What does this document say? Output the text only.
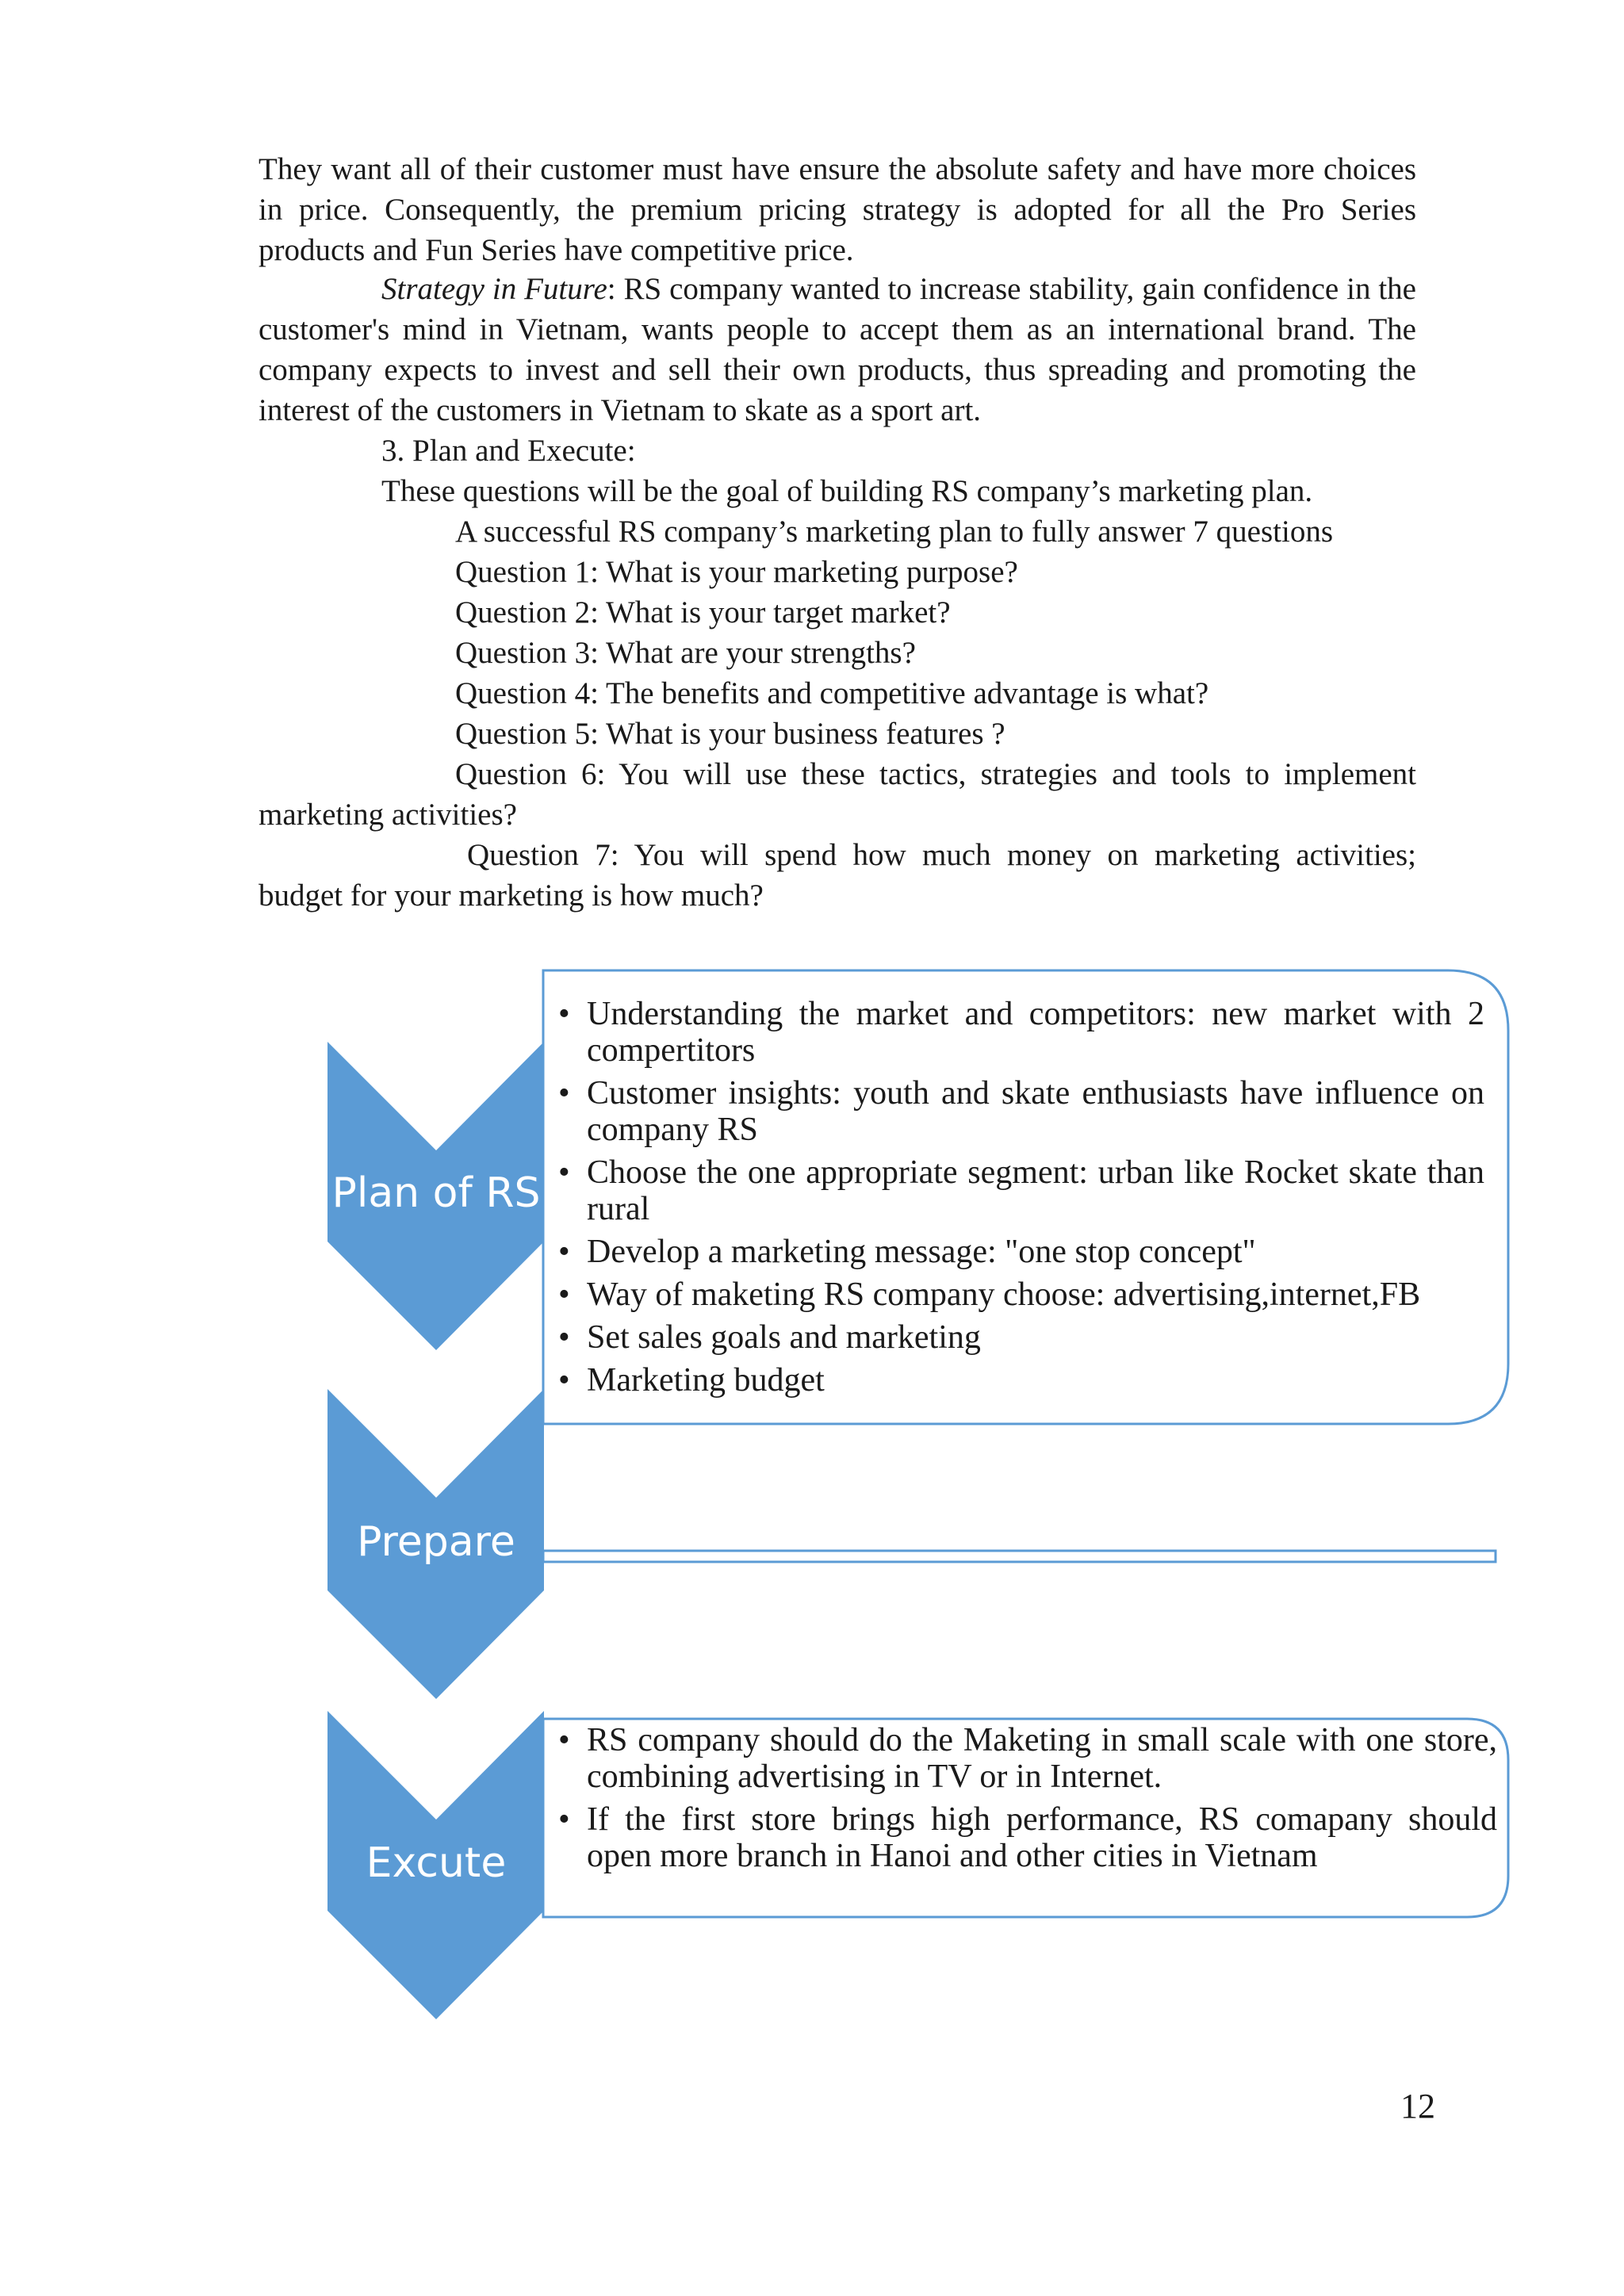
They want all of their customer must have ensure the absolute safety and have more choices in price. Consequently, the premium pricing strategy is adopted for all the Pro Series products and Fun Series have competitive price.

Strategy in Future: RS company wanted to increase stability, gain confidence in the customer's mind in Vietnam, wants people to accept them as an international brand. The company expects to invest and sell their own products, thus spreading and promoting the interest of the customers in Vietnam to skate as a sport art.

3. Plan and Execute:

These questions will be the goal of building RS company’s marketing plan.

A successful RS company’s marketing plan to fully answer 7 questions

Question 1: What is your marketing purpose?

Question 2: What is your target market?

Question 3: What are your strengths?

Question 4: The benefits and competitive advantage is what?

Question 5: What is your business features ?

Question 6: You will use these tactics, strategies and tools to implement marketing activities?

Question 7: You will spend how much money on marketing activities; budget for your marketing is how much?

Plan of RS
Prepare
Excute
• Understanding the market and competitors: new market with 2 compertitors
• Customer insights: youth and skate enthusiasts have influence on company RS
• Choose the one appropriate segment: urban like Rocket skate than rural
• Develop a marketing message: "one stop concept"
• Way of maketing RS company choose: advertising,internet,FB
• Set sales goals and marketing
• Marketing budget
• RS company should do the Maketing in small scale with one store, combining advertising in TV or in Internet.
• If the first store brings high performance, RS comapany should open more branch in Hanoi and other cities in Vietnam
12
